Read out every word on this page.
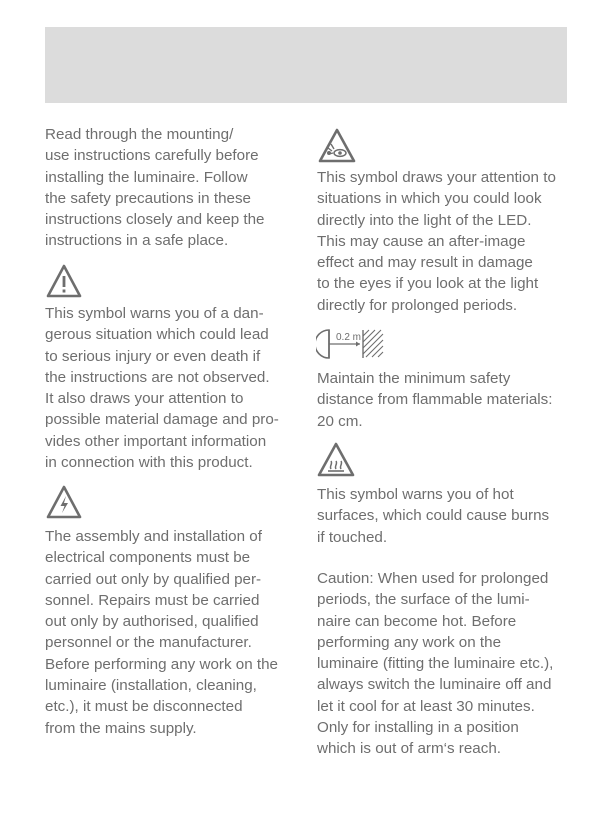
Read through the mounting/
use instructions carefully before
installing the luminaire. Follow
the safety precautions in these
instructions closely and keep the
instructions in a safe place.
This symbol warns you of a dan-
gerous situation which could lead
to serious injury or even death if
the instructions are not observed.
It also draws your attention to
possible material damage and pro-
vides other important information
in connection with this product.
The assembly and installation of
electrical components must be
carried out only by qualified per-
sonnel. Repairs must be carried
out only by authorised, qualified
personnel or the manufacturer.
Before performing any work on the
luminaire (installation, cleaning,
etc.), it must be disconnected
from the mains supply.
This symbol draws your attention to
situations in which you could look
directly into the light of the LED.
This may cause an after-image
effect and may result in damage
to the eyes if you look at the light
directly for prolonged periods.
0.2 m
Maintain the minimum safety
distance from flammable materials:
20 cm.
This symbol warns you of hot
surfaces, which could cause burns
if touched.
Caution: When used for prolonged
periods, the surface of the lumi-
naire can become hot. Before
performing any work on the
luminaire (fitting the luminaire etc.),
always switch the luminaire off and
let it cool for at least 30 minutes.
Only for installing in a position
which is out of arm‘s reach.
